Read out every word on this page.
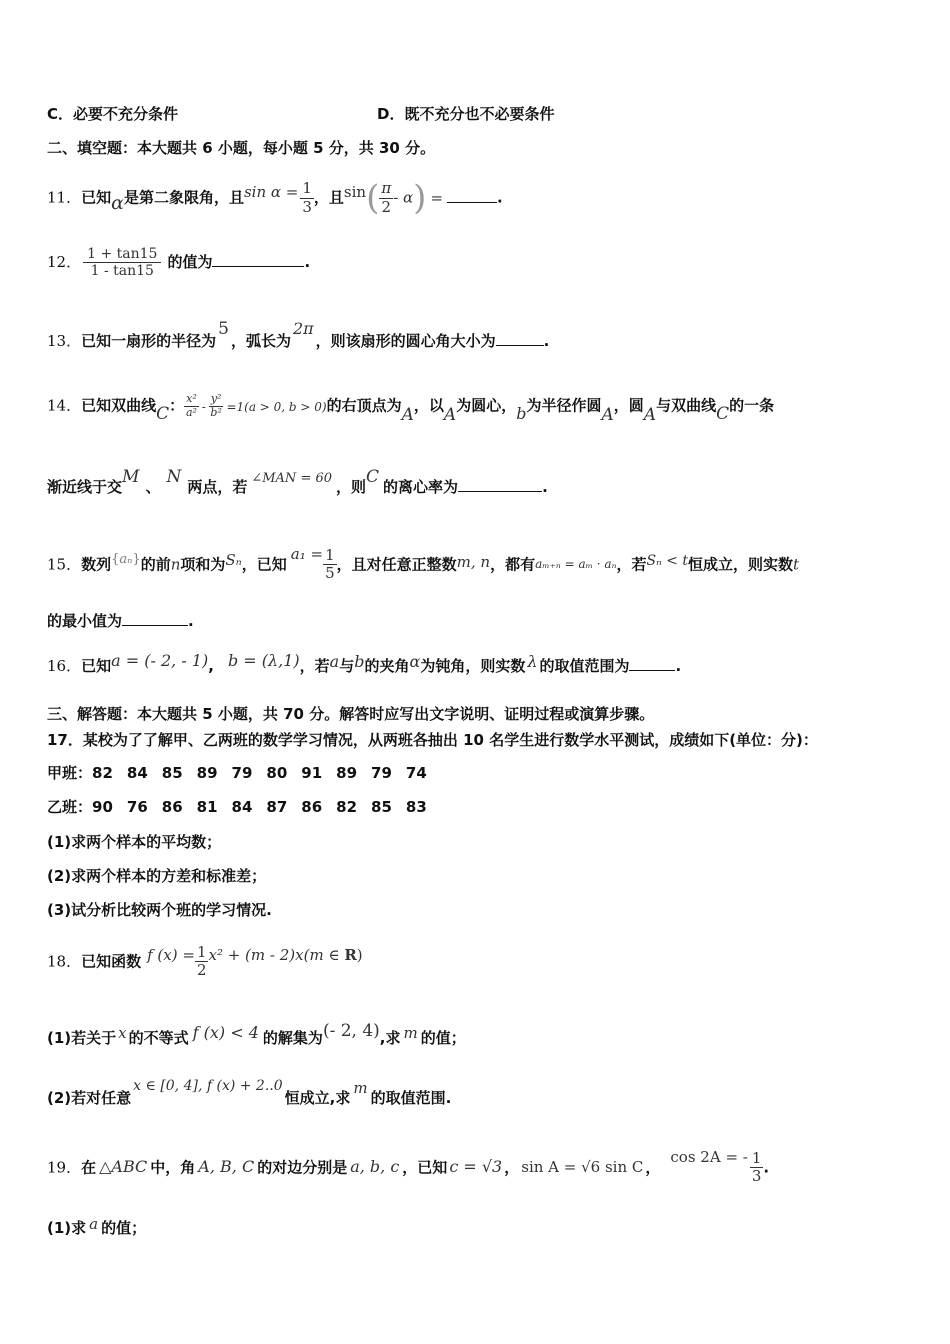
C．必要不充分条件	D．既不充分也不必要条件
二、填空题：本大题共 6 小题，每小题 5 分，共 30 分。
11．已知α是第二象限角，且$\sin \alpha = \frac{1}{3}$ ，且$\sin( \frac{\pi}{2} - \alpha)$ =	.
12． $\frac{1 + \tan 15}{1 - \tan 15}$ 的值为	.
13．已知一扇形的半径为5，弧长为2π，则该扇形的圆心角大小为	.
14．已知双曲线C： $\frac{\text{x²}}{\text{a²}} - \frac{\text{y²}}{\text{b²}} =1(a > 0$, b > 0)的右顶点为A，以A为圆心，b为半径作圆A，圆A与双曲线C的一条
渐近线于交M 、 N 两点，若 ∠MAN = 60 ，则C 的离心率为	.
15．数列{aₙ}的前n项和为Sₙ，已知$a_1 = \frac{1}{5}$ ，且对任意正整数m, n，都有aₘ₊ₙ = aₘ · aₙ，若Sₙ < t恒成立，则实数t
的最小值为	.
16．已知a = (- 2, - 1), b = (λ,1)，若a与b的夹角α为钝角，则实数 λ 的取值范围为	.
三、解答题：本大题共 5 小题，共 70 分。解答时应写出文字说明、证明过程或演算步骤。
17．某校为了了解甲、乙两班的数学学习情况，从两班各抽出 10 名学生进行数学水平测试，成绩如下(单位：分)：
甲班：82 84 85 89 79 80 91 89 79 74
乙班：90 76 86 81 84 87 86 82 85 83
(1)求两个样本的平均数；
(2)求两个样本的方差和标准差；
(3)试分析比较两个班的学习情况.
18．已知函数 f $(x) = \frac{1}{2} x^2 + (m - 2)x(m$ ∈ R)
(1)若关于 x 的不等式 f (x) < 4 的解集为(- 2, 4),求 m 的值；
(2)若对任意x ∈ [0, 4], f (x) + 2..0恒成立,求m的取值范围.
19．在 △ABC 中，角 A, B, C 的对边分别是 a, b, c ，已知 c = √3 ， sin A = √6 sin C ，cos 2A = - $\frac{1}{3}$ .
(1)求 a 的值；
